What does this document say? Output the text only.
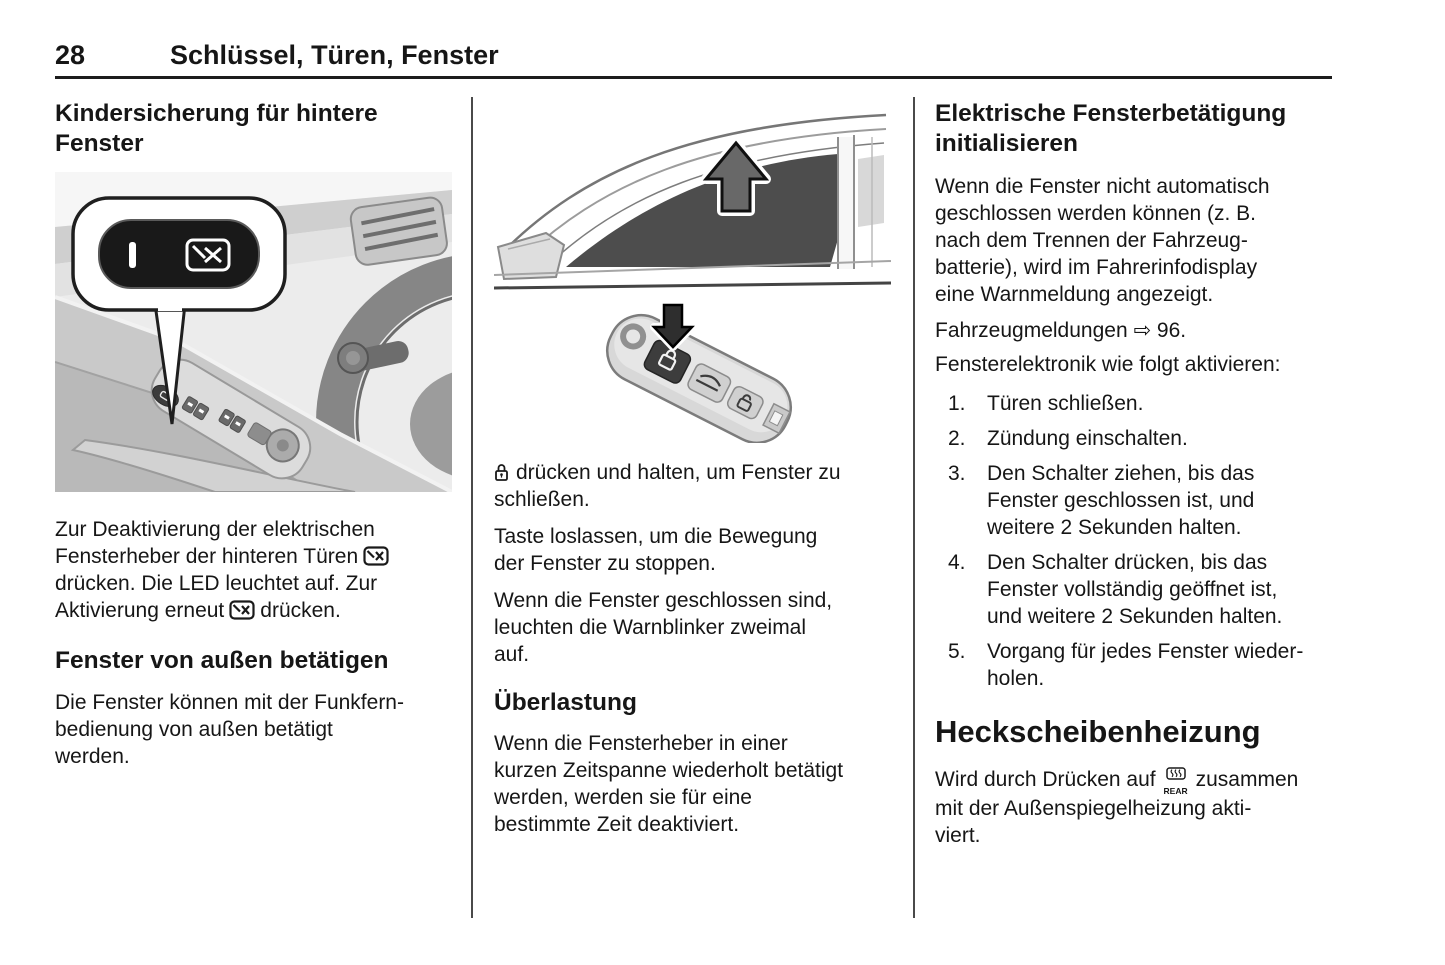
28	Schlüssel, Türen, Fenster
Kindersicherung für hintere Fenster
Zur Deaktivierung der elektrischen
Fensterheber der hinteren Türen
drücken. Die LED leuchtet auf. Zur
Aktivierung erneut drücken.
Fenster von außen betätigen
Die Fenster können mit der Funkfern-
bedienung von außen betätigt
werden.
drücken und halten, um Fenster zu
schließen.
Taste loslassen, um die Bewegung
der Fenster zu stoppen.
Wenn die Fenster geschlossen sind,
leuchten die Warnblinker zweimal
auf.
Überlastung
Wenn die Fensterheber in einer
kurzen Zeitspanne wiederholt betätigt
werden, werden sie für eine
bestimmte Zeit deaktiviert.
Elektrische Fensterbetätigung
initialisieren
Wenn die Fenster nicht automatisch
geschlossen werden können (z. B.
nach dem Trennen der Fahrzeug-
batterie), wird im Fahrerinfodisplay
eine Warnmeldung angezeigt.
Fahrzeugmeldungen ⇨ 96.
Fensterelektronik wie folgt aktivieren:
1. Türen schließen.
2. Zündung einschalten.
3. Den Schalter ziehen, bis das
Fenster geschlossen ist, und
weitere 2 Sekunden halten.
4. Den Schalter drücken, bis das
Fenster vollständig geöffnet ist,
und weitere 2 Sekunden halten.
5. Vorgang für jedes Fenster wieder-
holen.
Heckscheibenheizung
Wird durch Drücken auf REAR zusammen
mit der Außenspiegelheizung akti-
viert.
